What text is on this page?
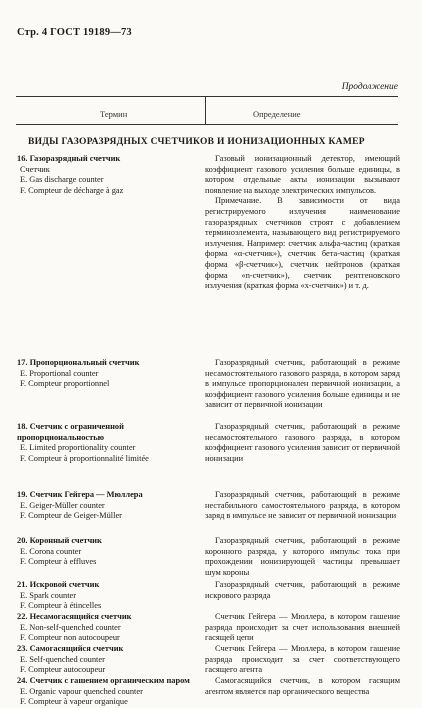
Стр. 4 ГОСТ 19189—73
Продолжение
Термин	Определение
ВИДЫ ГАЗОРАЗРЯДНЫХ СЧЕТЧИКОВ И ИОНИЗАЦИОННЫХ КАМЕР
16. Газоразрядный счетчик
Счетчик
E. Gas discharge counter
F. Compteur de décharge à gaz
17. Пропорциональный счетчик
E. Proportional counter
F. Compteur proportionnel
18. Счетчик с ограниченной пропорциональностью
E. Limited proportionality counter
F. Compteur à proportionnalité limitée
19. Счетчик Гейгера — Мюллера
E. Geiger-Müller counter
F. Compteur de Geiger-Müller
20. Коронный счетчик
E. Corona counter
F. Compteur à effluves
21. Искровой счетчик
E. Spark counter
F. Compteur à étincelles
22. Несамогасящийся счетчик
E. Non-self-quenched counter
F. Compteur non autocoupeur
23. Самогасящийся счетчик
E. Self-quenched counter
F. Compteur autocoupeur
24. Счетчик с гашением органическим паром
E. Organic vapour quenched counter
F. Compteur à vapeur organique

Газовый ионизационный детектор, имеющий коэффициент газового усиления больше единицы, в котором отдельные акты ионизации вызывают появление на выходе электрических импульсов.

Примечание. В зависимости от вида регистрируемого излучения наименование газоразрядных счетчиков строят с добавлением терминоэлемента, называющего вид регистрируемого излучения. Например: счетчик альфа-частиц (краткая форма «α-счетчик»), счетчик бета-частиц (краткая форма «β-счетчик»), счетчик нейтронов (краткая форма «n-счетчик»), счетчик рентгеновского излучения (краткая форма «х-счетчик») и т. д.

Газоразрядный счетчик, работающий в режиме несамостоятельного газового разряда, в котором заряд в импульсе пропорционален первичной ионизации, а коэффициент газового усиления больше единицы и не зависит от первичной ионизации

Газоразрядный счетчик, работающий в режиме несамостоятельного газового разряда, в котором коэффициент газового усиления зависит от первичной ионизации

Газоразрядный счетчик, работающий в режиме нестабильного самостоятельного разряда, в котором заряд в импульсе не зависит от первичной ионизации

Газоразрядный счетчик, работающий в режиме коронного разряда, у которого импульс тока при прохождении ионизирующей частицы превышает шум короны

Газоразрядный счетчик, работающий в режиме искрового разряда

Счетчик Гейгера — Мюллера, в котором гашение разряда происходит за счет использования внешней гасящей цепи

Счетчик Гейгера — Мюллера, в котором гашение разряда происходит за счет соответствующего гасящего агента

Самогасящийся счетчик, в котором гасящим агентом является пар органического вещества
